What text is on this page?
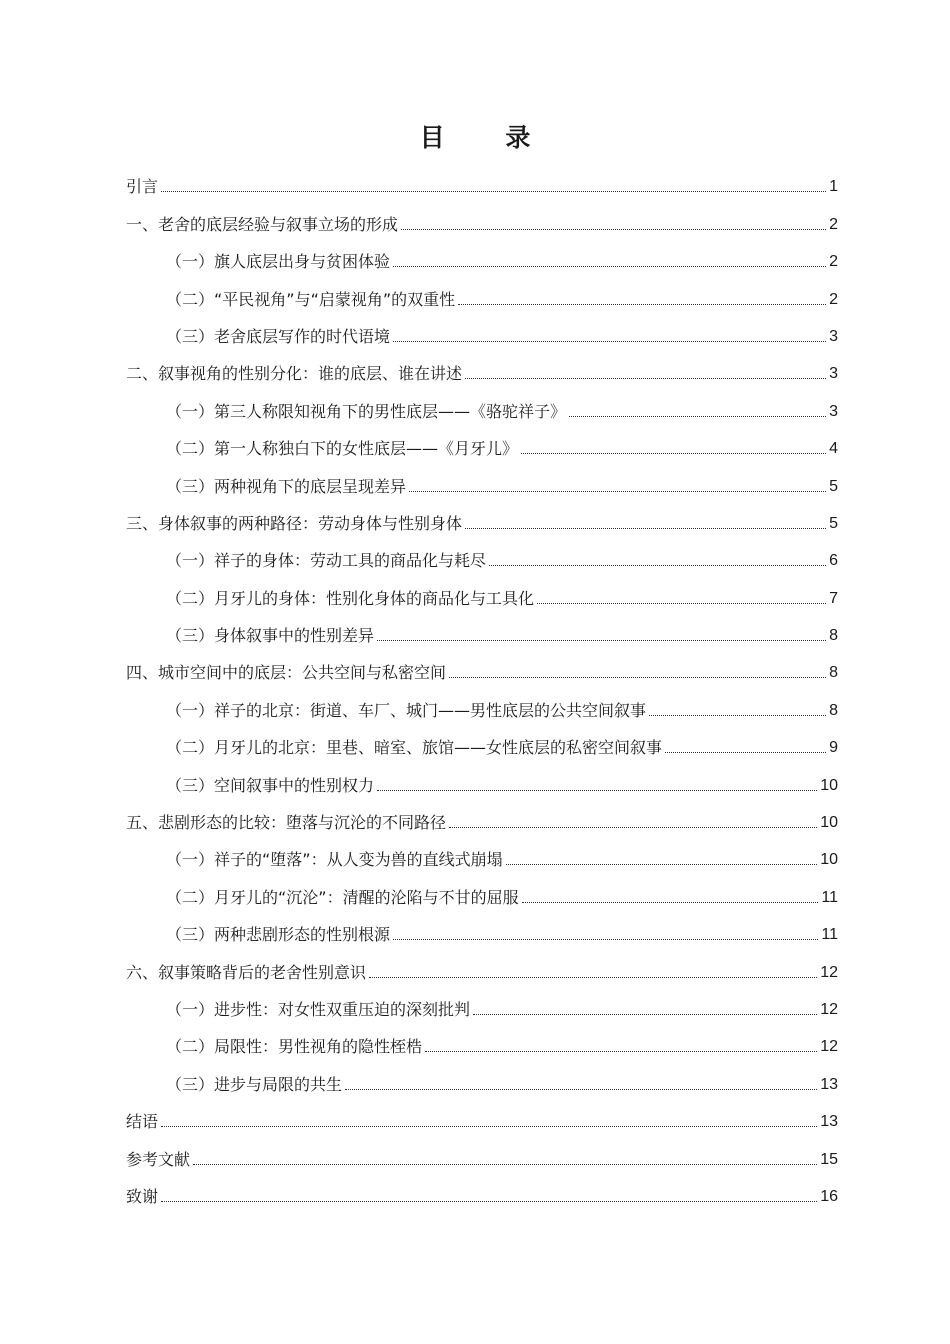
目 录
引言	1
一、老舍的底层经验与叙事立场的形成	2
（一）旗人底层出身与贫困体验	2
（二）“平民视角”与“启蒙视角”的双重性	2
（三）老舍底层写作的时代语境	3
二、叙事视角的性别分化：谁的底层、谁在讲述	3
（一）第三人称限知视角下的男性底层——《骆驼祥子》	3
（二）第一人称独白下的女性底层——《月牙儿》	4
（三）两种视角下的底层呈现差异	5
三、身体叙事的两种路径：劳动身体与性别身体	5
（一）祥子的身体：劳动工具的商品化与耗尽	6
（二）月牙儿的身体：性别化身体的商品化与工具化	7
（三）身体叙事中的性别差异	8
四、城市空间中的底层：公共空间与私密空间	8
（一）祥子的北京：街道、车厂、城门——男性底层的公共空间叙事	8
（二）月牙儿的北京：里巷、暗室、旅馆——女性底层的私密空间叙事	9
（三）空间叙事中的性别权力	10
五、悲剧形态的比较：堕落与沉沦的不同路径	10
（一）祥子的“堕落”：从人变为兽的直线式崩塌	10
（二）月牙儿的“沉沦”：清醒的沦陷与不甘的屈服	11
（三）两种悲剧形态的性别根源	11
六、叙事策略背后的老舍性别意识	12
（一）进步性：对女性双重压迫的深刻批判	12
（二）局限性：男性视角的隐性桎梏	12
（三）进步与局限的共生	13
结语	13
参考文献	15
致谢	16
